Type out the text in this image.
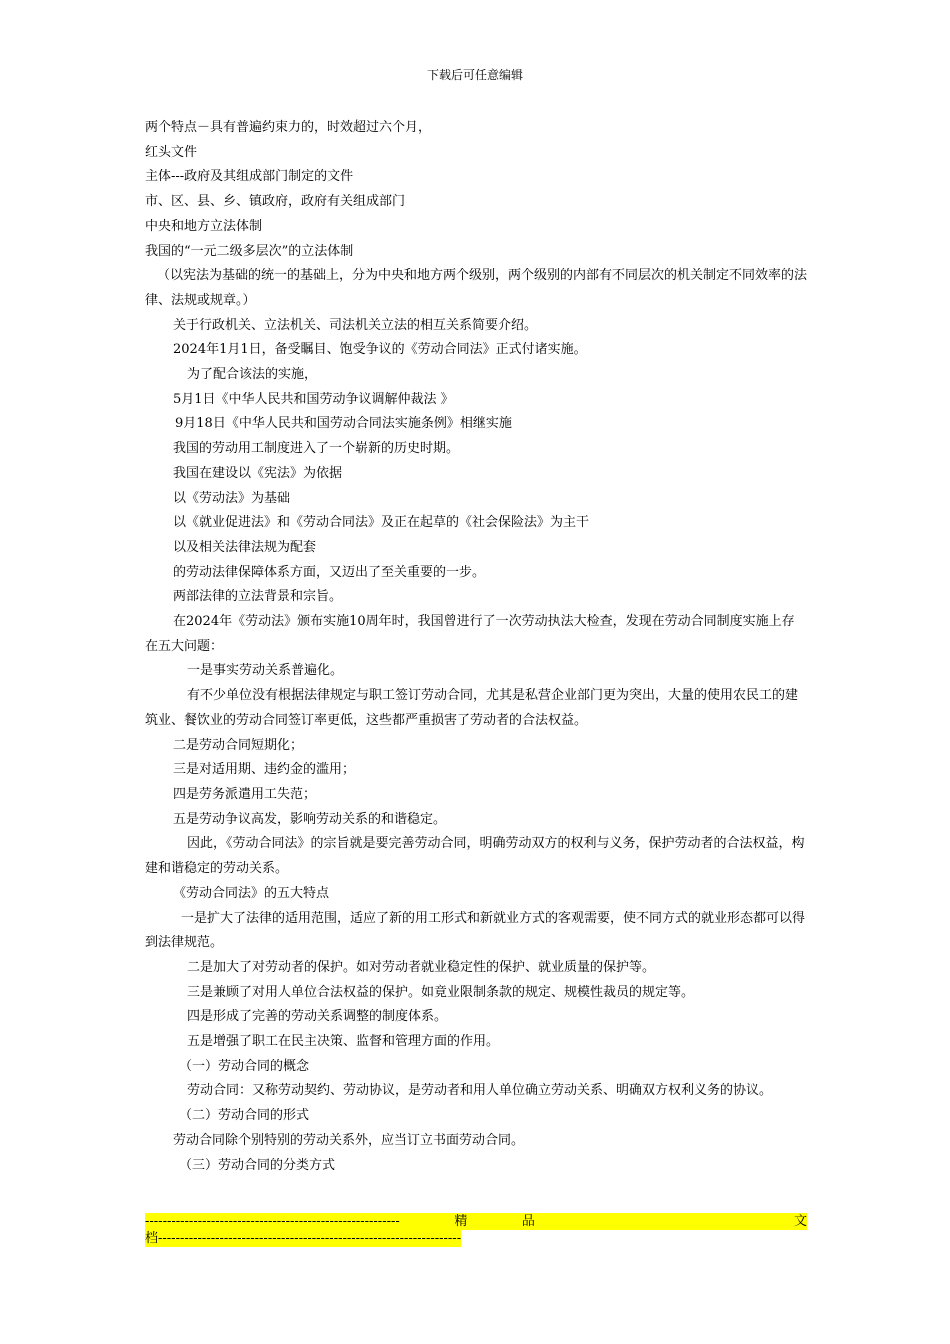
下载后可任意编辑

两个特点－具有普遍约束力的，时效超过六个月，

红头文件

主体---政府及其组成部门制定的文件

市、区、县、乡、镇政府，政府有关组成部门

中央和地方立法体制

我国的“一元二级多层次”的立法体制

（以宪法为基础的统一的基础上，分为中央和地方两个级别，两个级别的内部有不同层次的机关制定不同效率的法律、法规或规章。）

关于行政机关、立法机关、司法机关立法的相互关系简要介绍。

2024年1月1日，备受瞩目、饱受争议的《劳动合同法》正式付诸实施。

为了配合该法的实施，

5月1日《中华人民共和国劳动争议调解仲裁法 》

9月18日《中华人民共和国劳动合同法实施条例》相继实施

我国的劳动用工制度进入了一个崭新的历史时期。

我国在建设以《宪法》为依据

以《劳动法》为基础

以《就业促进法》和《劳动合同法》及正在起草的《社会保险法》为主干

以及相关法律法规为配套

的劳动法律保障体系方面，又迈出了至关重要的一步。

两部法律的立法背景和宗旨。

在2024年《劳动法》颁布实施10周年时，我国曾进行了一次劳动执法大检查，发现在劳动合同制度实施上存在五大问题：

一是事实劳动关系普遍化。

有不少单位没有根据法律规定与职工签订劳动合同，尤其是私营企业部门更为突出，大量的使用农民工的建筑业、餐饮业的劳动合同签订率更低，这些都严重损害了劳动者的合法权益。

二是劳动合同短期化；

三是对适用期、违约金的滥用；

四是劳务派遣用工失范；

五是劳动争议高发，影响劳动关系的和谐稳定。

因此，《劳动合同法》的宗旨就是要完善劳动合同，明确劳动双方的权利与义务，保护劳动者的合法权益，构建和谐稳定的劳动关系。

《劳动合同法》的五大特点

一是扩大了法律的适用范围，适应了新的用工形式和新就业方式的客观需要，使不同方式的就业形态都可以得到法律规范。

二是加大了对劳动者的保护。如对劳动者就业稳定性的保护、就业质量的保护等。

三是兼顾了对用人单位合法权益的保护。如竟业限制条款的规定、规模性裁员的规定等。

四是形成了完善的劳动关系调整的制度体系。

五是增强了职工在民主决策、监督和管理方面的作用。

（一）劳动合同的概念

劳动合同：又称劳动契约、劳动协议，是劳动者和用人单位确立劳动关系、明确双方权利义务的协议。

（二）劳动合同的形式

劳动合同除个别特别的劳动关系外，应当订立书面劳动合同。

（三）劳动合同的分类方式

----------------------------------------------------------	精	品	文
档---------------------------------------------------------------------
